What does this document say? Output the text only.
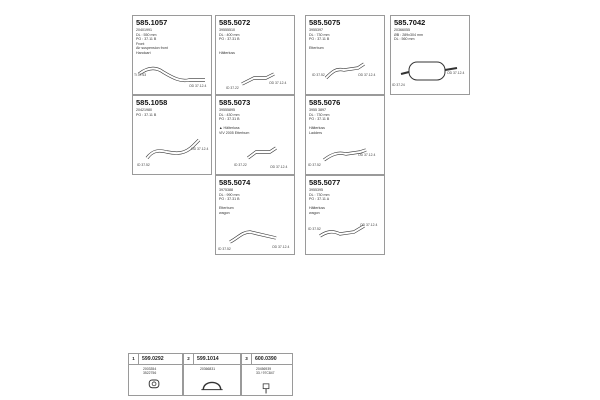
585.1057
20401991
DL : 550 mm
PO : 37.11 B
Front
Air suspension front
Handcart
Ti 37.63
OD 37.12.4
585.5072
39555510
DL : 400 mm
PO : 37.31 B

Hälterluss
ID 37.22
OD 37.12.4
585.5075
3955397
DL : 730 mm
PO : 37.11 B

Etterbum
ID 37.52	OD 37.12.4
585.7042
20366055
ØB : 289x304 mm
DL : 560 mm
ID 37.24
OD 37.12.4
585.1058
20421980
PO : 37.11 B
ID 37.52
OD 37.12.4
585.5073
39555895
DL : 430 mm
PO : 37.31 B

▲ Hälterluss
VIV 2005 Etterbum
ID 37.22	OD 37.12.4
585.5076
3955 3897
DL : 730 mm
PO : 37.11 B

Hälterluss
Ladders
ID 37.52
OD 37.12.4
585.5074
3975388
DL : 990 mm
PO : 37.31 B

Etterbum
wagon
ID 37.52	OD 37.12.4
585.5077
3955395
DL : 730 mm
PO : 37.11 A

Hälterluss
wagon
ID 37.52
OD 37.12.4
1 599.0292
2003354
3522756
2 599.1014
20366831
3 600.0390
20456939
33 / 97C847
